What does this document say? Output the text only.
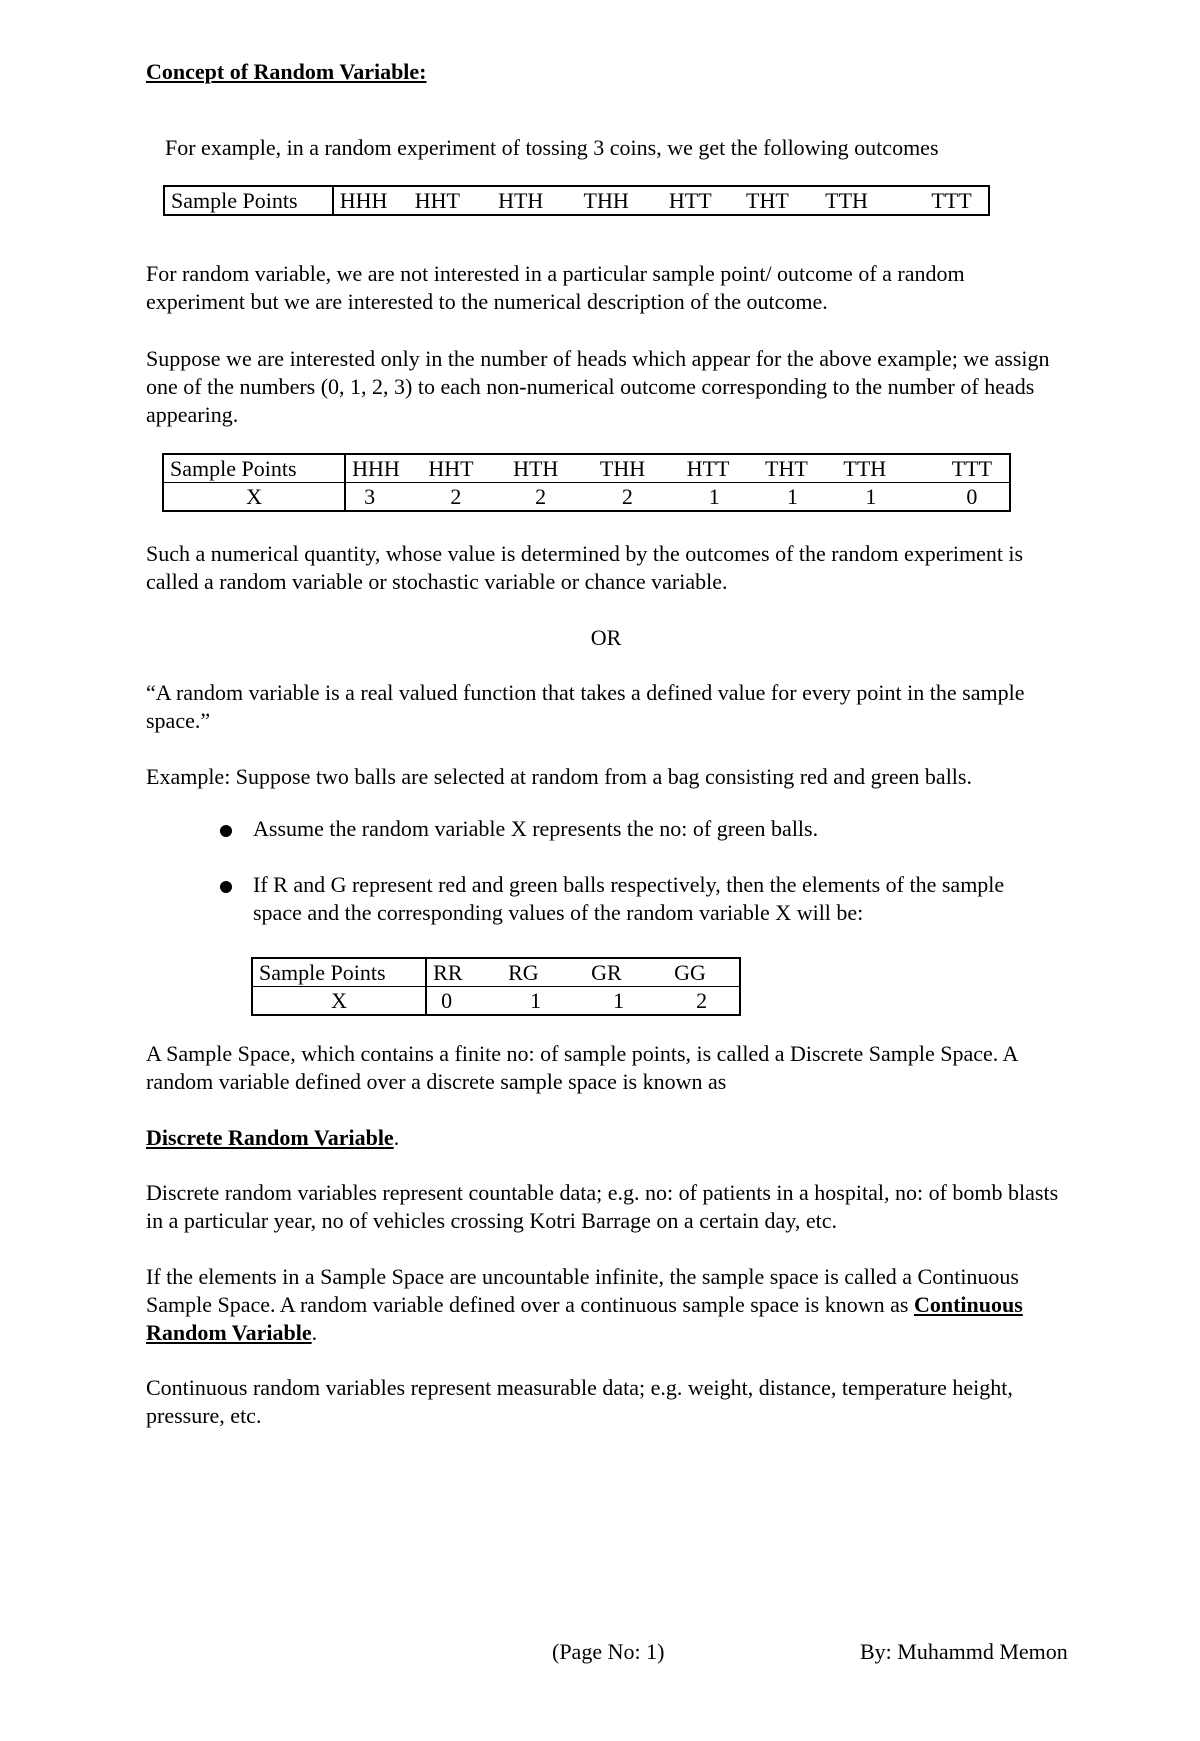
Concept of Random Variable:

For example, in a random experiment of tossing 3 coins, we get the following outcomes

Sample Points	HHH	HHT	HTH	THH	HTT	THT	TTH	TTT

For random variable, we are not interested in a particular sample point/ outcome of a random experiment but we are interested to the numerical description of the outcome.

Suppose we are interested only in the number of heads which appear for the above example; we assign one of the numbers (0, 1, 2, 3) to each non-numerical outcome corresponding to the number of heads appearing.

Sample Points	HHH	HHT	HTH	THH	HTT	THT	TTH	TTT
X	3	2	2	2	1	1	1	0

Such a numerical quantity, whose value is determined by the outcomes of the random experiment is called a random variable or stochastic variable or chance variable.

OR

“A random variable is a real valued function that takes a defined value for every point in the sample space.”

Example: Suppose two balls are selected at random from a bag consisting red and green balls.

Assume the random variable X represents the no: of green balls.

If R and G represent red and green balls respectively, then the elements of the sample space and the corresponding values of the random variable X will be:

Sample Points	RR	RG	GR	GG
X	0	1	1	2

A Sample Space, which contains a finite no: of sample points, is called a Discrete Sample Space. A random variable defined over a discrete sample space is known as

Discrete Random Variable.

Discrete random variables represent countable data; e.g. no: of patients in a hospital, no: of bomb blasts in a particular year, no of vehicles crossing Kotri Barrage on a certain day, etc.

If the elements in a Sample Space are uncountable infinite, the sample space is called a Continuous Sample Space. A random variable defined over a continuous sample space is known as Continuous Random Variable.

Continuous random variables represent measurable data; e.g. weight, distance, temperature height, pressure, etc.

(Page No: 1)	By: Muhammd Memon
